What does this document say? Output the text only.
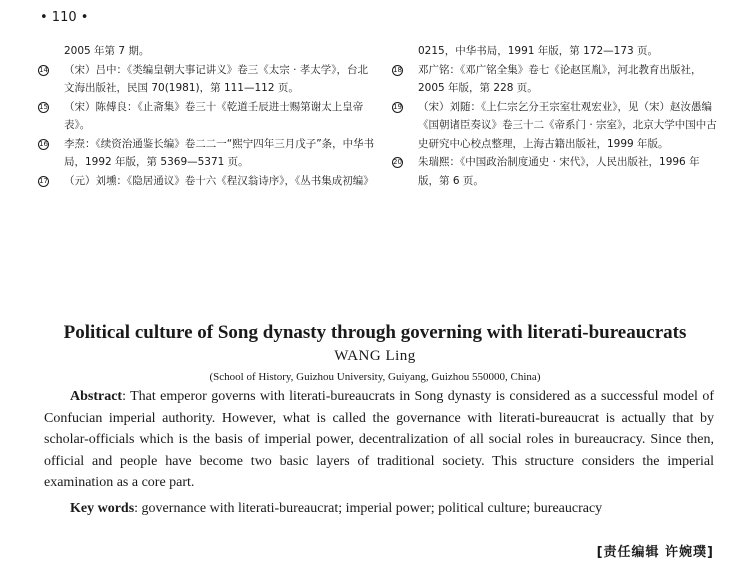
• 110 •
2005 年第 7 期。
14 （宋）吕中：《类编皇朝大事记讲义》卷三《太宗 · 孝太学》，台北文海出版社，民国 70(1981)，第 111—112 页。
15 （宋）陈傅良：《止斋集》卷三十《乾道壬辰进士赐第谢太上皇帝表》。
16 李焘：《续资治通鉴长编》卷二二一“熙宁四年三月戊子”条，中华书局，1992 年版，第 5369—5371 页。
17 （元）刘壎：《隐居通议》卷十六《程汉翁诗序》，《丛书集成初编》
0215，中华书局，1991 年版，第 172—173 页。
18 邓广铭：《邓广铭全集》卷七《论赵匡胤》，河北教育出版社，2005 年版，第 228 页。
19 （宋）刘随：《上仁宗乞分王宗室壮观宏业》，见（宋）赵汝愚编《国朝诸臣奏议》卷三十二《帝系门 · 宗室》，北京大学中国中古史研究中心校点整理，上海古籍出版社，1999 年版。
20 朱瑞熙：《中国政治制度通史 · 宋代》，人民出版社，1996 年版，第 6 页。
Political culture of Song dynasty through governing with literati-bureaucrats
WANG Ling
(School of History, Guizhou University, Guiyang, Guizhou 550000, China)
Abstract: That emperor governs with literati-bureaucrats in Song dynasty is considered as a successful model of Confucian imperial authority. However, what is called the governance with literati-bureaucrat is actually that by scholar-officials which is the basis of imperial power, decentralization of all social roles in bureaucracy. Since then, official and people have become two basic layers of traditional society. This structure considers the imperial examination as a core part.
Key words: governance with literati-bureaucrat; imperial power; political culture; bureaucracy
[责任编辑 许婉璞]
